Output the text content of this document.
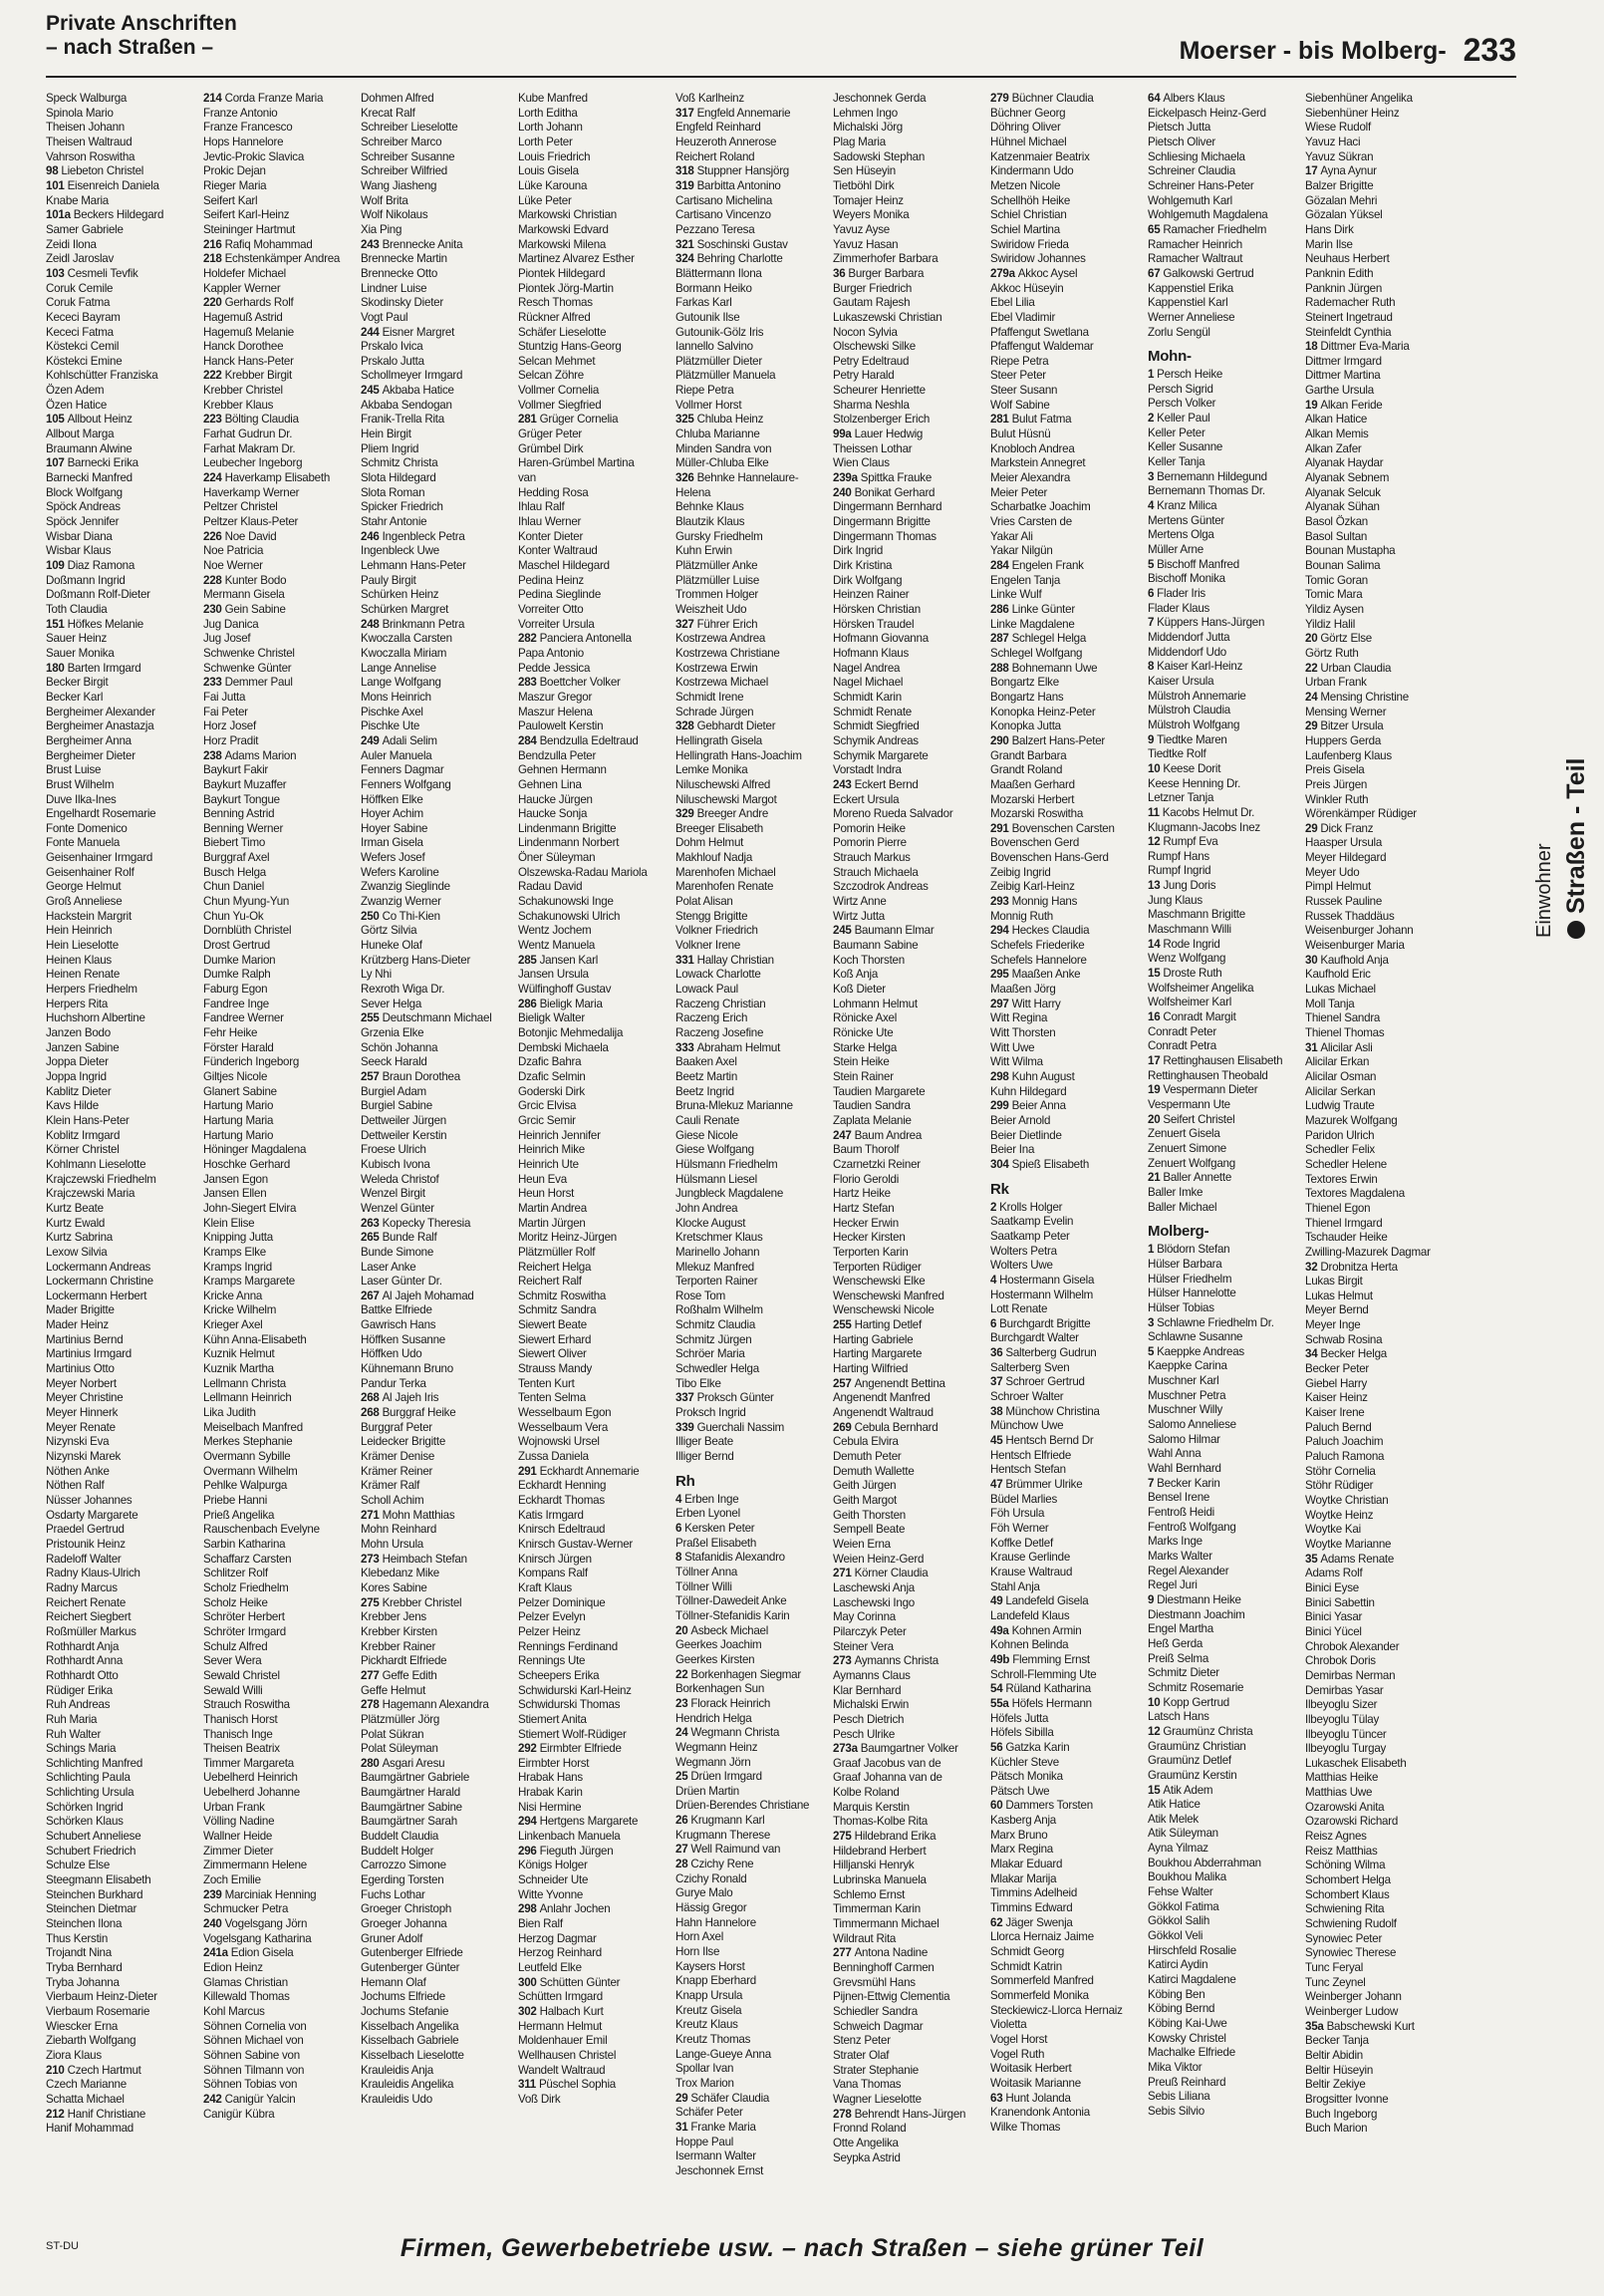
Private Anschriften
– nach Straßen –	Moerser - bis Molberg- 233
Speck Walburga
Spinola Mario
Theisen Johann
Theisen Waltraud
Vahrson Roswitha
98 Liebeton Christel
101 Eisenreich Daniela
Knabe Maria
101a Beckers Hildegard
Samer Gabriele
Zeidi Ilona
Zeidl Jaroslav
103 Cesmeli Tevfik
Coruk Cemile
Coruk Fatma
Kececi Bayram
Kececi Fatma
Köstekci Cemil
Köstekci Emine
Kohlschütter Franziska
Özen Adem
Özen Hatice
105 Allbout Heinz
Allbout Marga
Braumann Alwine
107 Barnecki Erika
Barnecki Manfred
Block Wolfgang
Spöck Andreas
Spöck Jennifer
Wisbar Diana
Wisbar Klaus
109 Diaz Ramona
Doßmann Ingrid
Doßmann Rolf-Dieter
Toth Claudia
151 Höfkes Melanie
Sauer Heinz
Sauer Monika
180 Barten Irmgard
Becker Birgit
Becker Karl
Bergheimer Alexander
Bergheimer Anastazja
Bergheimer Anna
Bergheimer Dieter
Brust Luise
Brust Wilhelm
Duve Ilka-Ines
Engelhardt Rosemarie
Fonte Domenico
Fonte Manuela
Geisenhainer Irmgard
Geisenhainer Rolf
George Helmut
Groß Anneliese
Hackstein Margrit
Hein Heinrich
Hein Lieselotte
Heinen Klaus
Heinen Renate
Herpers Friedhelm
Herpers Rita
Huchshorn Albertine
Janzen Bodo
Janzen Sabine
Joppa Dieter
Joppa Ingrid
Kablitz Dieter
Kavs Hilde
Klein Hans-Peter
Koblitz Irmgard
Körner Christel
Kohlmann Lieselotte
Krajczewski Friedhelm
Krajczewski Maria
Kurtz Beate
Kurtz Ewald
Kurtz Sabrina
Lexow Silvia
Lockermann Andreas
Lockermann Christine
Lockermann Herbert
Mader Brigitte
Mader Heinz
Martinius Bernd
Martinius Irmgard
Martinius Otto
Meyer Norbert
Meyer Christine
Meyer Hinnerk
Meyer Renate
Nizynski Eva
Nizynski Marek
Nöthen Anke
Nöthen Ralf
Nüsser Johannes
Osdarty Margarete
Praedel Gertrud
Pristounik Heinz
Radeloff Walter
Radny Klaus-Ulrich
Radny Marcus
Reichert Renate
Reichert Siegbert
Roßmüller Markus
Rothhardt Anja
Rothhardt Anna
Rothhardt Otto
Rüdiger Erika
Ruh Andreas
Ruh Maria
Ruh Walter
Schings Maria
Schlichting Manfred
Schlichting Paula
Schlichting Ursula
Schörken Ingrid
Schörken Klaus
Schubert Anneliese
Schubert Friedrich
Schulze Else
Steegmann Elisabeth
Steinchen Burkhard
Steinchen Dietmar
Steinchen Ilona
Thus Kerstin
Trojandt Nina
Tryba Bernhard
Tryba Johanna
Vierbaum Heinz-Dieter
Vierbaum Rosemarie
Wiescker Erna
Ziebarth Wolfgang
Ziora Klaus
210 Czech Hartmut
Czech Marianne
Schatta Michael
212 Hanif Christiane
Hanif Mohammad
214 Corda Franze Maria
Franze Antonio
Franze Francesco
Hops Hannelore
Jevtic-Prokic Slavica
Prokic Dejan
Rieger Maria
Seifert Karl
Seifert Karl-Heinz
Steininger Hartmut
216 Rafiq Mohammad
218 Echstenkämper Andrea
Holdefer Michael
Kappler Werner
220 Gerhards Rolf
Hagemuß Astrid
Hagemuß Melanie
Hanck Dorothee
Hanck Hans-Peter
222 Krebber Birgit
Krebber Christel
Krebber Klaus
223 Bölting Claudia
Farhat Gudrun Dr.
Farhat Makram Dr.
Leubecher Ingeborg
224 Haverkamp Elisabeth
Haverkamp Werner
Peltzer Christel
Peltzer Klaus-Peter
226 Noe David
Noe Patricia
Noe Werner
228 Kunter Bodo
Mermann Gisela
230 Gein Sabine
Jug Danica
Jug Josef
Schwenke Christel
Schwenke Günter
233 Demmer Paul
Fai Jutta
Fai Peter
Horz Josef
Horz Pradit
238 Adams Marion
Baykurt Fakir
Baykurt Muzaffer
Baykurt Tongue
Benning Astrid
Benning Werner
Biebert Timo
Burggraf Axel
Busch Helga
Chun Daniel
Chun Myung-Yun
Chun Yu-Ok
Dornblüth Christel
Drost Gertrud
Dumke Marion
Dumke Ralph
Faburg Egon
Fandree Inge
Fandree Werner
Fehr Heike
Förster Harald
Fünderich Ingeborg
Giltjes Nicole
Glanert Sabine
Hartung Mario
Hartung Maria
Hartung Mario
Höninger Magdalena
Hoschke Gerhard
Jansen Egon
Jansen Ellen
John-Siegert Elvira
Klein Elise
Knipping Jutta
Kramps Elke
Kramps Ingrid
Kramps Margarete
Kricke Anna
Kricke Wilhelm
Krieger Axel
Kühn Anna-Elisabeth
Kuznik Helmut
Kuznik Martha
Lellmann Christa
Lellmann Heinrich
Lika Judith
Meiselbach Manfred
Merkes Stephanie
Overmann Sybille
Overmann Wilhelm
Pehlke Walpurga
Priebe Hanni
Prieß Angelika
Rauschenbach Evelyne
Sarbin Katharina
Schaffarz Carsten
Schlitzer Rolf
Scholz Friedhelm
Scholz Heike
Schröter Herbert
Schröter Irmgard
Schulz Alfred
Sever Wera
Sewald Christel
Sewald Willi
Strauch Roswitha
Thanisch Horst
Thanisch Inge
Theisen Beatrix
Timmer Margareta
Uebelherd Heinrich
Uebelherd Johanne
Urban Frank
Völling Nadine
Wallner Heide
Zimmer Dieter
Zimmermann Helene
Zoch Emilie
239 Marciniak Henning
Schmucker Petra
240 Vogelsgang Jörn
Vogelsgang Katharina
241a Edion Gisela
Edion Heinz
Glamas Christian
Killewald Thomas
Kohl Marcus
Söhnen Cornelia von
Söhnen Michael von
Söhnen Sabine von
Söhnen Tilmann von
Söhnen Tobias von
242 Canigür Yalcin
Canigür Kübra
Dohmen Alfred
Krecat Ralf
Schreiber Lieselotte
Schreiber Marco
Schreiber Susanne
Schreiber Wilfried
Wang Jiasheng
Wolf Brita
Wolf Nikolaus
Xia Ping
243 Brennecke Anita
Brennecke Martin
Brennecke Otto
Lindner Luise
Skodinsky Dieter
Vogt Paul
244 Eisner Margret
Prskalo Ivica
Prskalo Jutta
Schollmeyer Irmgard
245 Akbaba Hatice
Akbaba Sendogan
Franik-Trella Rita
Hein Birgit
Pliem Ingrid
Schmitz Christa
Slota Hildegard
Slota Roman
Spicker Friedrich
Stahr Antonie
246 Ingenbleck Petra
Ingenbleck Uwe
Lehmann Hans-Peter
Pauly Birgit
Schürken Heinz
Schürken Margret
248 Brinkmann Petra
Kwoczalla Carsten
Kwoczalla Miriam
Lange Annelise
Lange Wolfgang
Mons Heinrich
Pischke Axel
Pischke Ute
249 Adali Selim
Auler Manuela
Fenners Dagmar
Fenners Wolfgang
Höffken Elke
Hoyer Achim
Hoyer Sabine
Irman Gisela
Wefers Josef
Wefers Karoline
Zwanzig Sieglinde
Zwanzig Werner
250 Co Thi-Kien
Görtz Silvia
Huneke Olaf
Krützberg Hans-Dieter
Ly Nhi
Rexroth Wiga Dr.
Sever Helga
255 Deutschmann Michael
Grzenia Elke
Schön Johanna
Seeck Harald
257 Braun Dorothea
Burgiel Adam
Burgiel Sabine
Dettweiler Jürgen
Dettweiler Kerstin
Froese Ulrich
Kubisch Ivona
Weleda Christof
Wenzel Birgit
Wenzel Günter
263 Kopecky Theresia
265 Bunde Ralf
Bunde Simone
Laser Anke
Laser Günter Dr.
267 Al Jajeh Mohamad
Battke Elfriede
Gawrisch Hans
Höffken Susanne
Höffken Udo
Kühnemann Bruno
Pandur Terka
268 Al Jajeh Iris
268 Burggraf Heike
Burggraf Peter
Leidecker Brigitte
Krämer Denise
Krämer Reiner
Krämer Ralf
Scholl Achim
271 Mohn Matthias
Mohn Reinhard
Mohn Ursula
273 Heimbach Stefan
Klebedanz Mike
Kores Sabine
275 Krebber Christel
Krebber Jens
Krebber Kirsten
Krebber Rainer
Pickhardt Elfriede
277 Geffe Edith
Geffe Helmut
278 Hagemann Alexandra
Plätzmüller Jörg
Polat Sükran
Polat Süleyman
280 Asgari Aresu
Baumgärtner Gabriele
Baumgärtner Harald
Baumgärtner Sabine
Baumgärtner Sarah
Buddelt Claudia
Buddelt Holger
Carrozzo Simone
Egerding Torsten
Fuchs Lothar
Groeger Christoph
Groeger Johanna
Gruner Adolf
Gutenberger Elfriede
Gutenberger Günter
Hemann Olaf
Jochums Elfriede
Jochums Stefanie
Kisselbach Angelika
Kisselbach Gabriele
Kisselbach Lieselotte
Krauleidis Anja
Krauleidis Angelika
Krauleidis Udo
Kube Manfred
Lorth Editha
Lorth Johann
Lorth Peter
Louis Friedrich
Louis Gisela
Lüke Karouna
Lüke Peter
Markowski Christian
Markowski Edvard
Markowski Milena
Martinez Alvarez Esther
Piontek Hildegard
Piontek Jörg-Martin
Resch Thomas
Rückner Alfred
Schäfer Lieselotte
Stuntzig Hans-Georg
Selcan Mehmet
Selcan Zöhre
Vollmer Cornelia
Vollmer Siegfried
281 Grüger Cornelia
Grüger Peter
Grümbel Dirk
Haren-Grümbel Martina
van
Hedding Rosa
Ihlau Ralf
Ihlau Werner
Konter Dieter
Konter Waltraud
Maschel Hildegard
Pedina Heinz
Pedina Sieglinde
Vorreiter Otto
Vorreiter Ursula
282 Panciera Antonella
Papa Antonio
Pedde Jessica
283 Boettcher Volker
Maszur Gregor
Maszur Helena
Paulowelt Kerstin
284 Bendzulla Edeltraud
Bendzulla Peter
Gehnen Hermann
Gehnen Lina
Haucke Jürgen
Haucke Sonja
Lindenmann Brigitte
Lindenmann Norbert
Öner Süleyman
Olszewska-Radau Mariola
Radau David
Schakunowski Inge
Schakunowski Ulrich
Wentz Jochem
Wentz Manuela
285 Jansen Karl
Jansen Ursula
Wülfinghoff Gustav
286 Bieligk Maria
Bieligk Walter
Botonjic Mehmedalija
Dembski Michaela
Dzafic Bahra
Dzafic Selmin
Goderski Dirk
Grcic Elvisa
Grcic Semir
Heinrich Jennifer
Heinrich Mike
Heinrich Ute
Heun Eva
Heun Horst
Martin Andrea
Martin Jürgen
Moritz Heinz-Jürgen
Plätzmüller Rolf
Reichert Helga
Reichert Ralf
Schmitz Roswitha
Schmitz Sandra
Siewert Beate
Siewert Erhard
Siewert Oliver
Strauss Mandy
Tenten Kurt
Tenten Selma
Wesselbaum Egon
Wesselbaum Vera
Wojnowski Ursel
Zussa Daniela
291 Eckhardt Annemarie
Eckhardt Henning
Eckhardt Thomas
Katis Irmgard
Knirsch Edeltraud
Knirsch Gustav-Werner
Knirsch Jürgen
Kompans Ralf
Kraft Klaus
Pelzer Dominique
Pelzer Evelyn
Pelzer Heinz
Rennings Ferdinand
Rennings Ute
Scheepers Erika
Schwidurski Karl-Heinz
Schwidurski Thomas
Stiemert Anita
Stiemert Wolf-Rüdiger
292 Eirmbter Elfriede
Eirmbter Horst
Hrabak Hans
Hrabak Karin
Nisi Hermine
294 Hertgens Margarete
Linkenbach Manuela
296 Fieguth Jürgen
Königs Holger
Schneider Ute
Witte Yvonne
298 Anlahr Jochen
Bien Ralf
Herzog Dagmar
Herzog Reinhard
Leutfeld Elke
300 Schütten Günter
Schütten Irmgard
302 Halbach Kurt
Hermann Helmut
Moldenhauer Emil
Wellhausen Christel
Wandelt Waltraud
311 Püschel Sophia
Voß Dirk
Voß Karlheinz
317 Engfeld Annemarie
Engfeld Reinhard
Heuzeroth Annerose
Reichert Roland
318 Stuppner Hansjörg
319 Barbitta Antonino
Cartisano Michelina
Cartisano Vincenzo
Pezzano Teresa
321 Soschinski Gustav
324 Behring Charlotte
Blättermann Ilona
Bormann Heiko
Farkas Karl
Gutounik Ilse
Gutounik-Gölz Iris
Iannello Salvino
Plätzmüller Dieter
Plätzmüller Manuela
Riepe Petra
Vollmer Horst
325 Chluba Heinz
Chluba Marianne
Minden Sandra von
Müller-Chluba Elke
326 Behnke Hannelaure-
Helena
Behnke Klaus
Blautzik Klaus
Gursky Friedhelm
Kuhn Erwin
Plätzmüller Anke
Plätzmüller Luise
Trommen Holger
Weiszheit Udo
327 Führer Erich
Kostrzewa Andrea
Kostrzewa Christiane
Kostrzewa Erwin
Kostrzewa Michael
Schmidt Irene
Schrade Jürgen
328 Gebhardt Dieter
Hellingrath Gisela
Hellingrath Hans-Joachim
Lemke Monika
Niluschewski Alfred
Niluschewski Margot
329 Breeger Andre
Breeger Elisabeth
Dohm Helmut
Makhlouf Nadja
Marenhofen Michael
Marenhofen Renate
Polat Alisan
Stengg Brigitte
Volkner Friedrich
Volkner Irene
331 Hallay Christian
Lowack Charlotte
Lowack Paul
Raczeng Christian
Raczeng Erich
Raczeng Josefine
333 Abraham Helmut
Baaken Axel
Beetz Martin
Beetz Ingrid
Bruna-Mlekuz Marianne
Cauli Renate
Giese Nicole
Giese Wolfgang
Hülsmann Friedhelm
Hülsmann Liesel
Jungbleck Magdalene
John Andrea
Klocke August
Kretschmer Klaus
Marinello Johann
Mlekuz Manfred
Terporten Rainer
Rose Tom
Roßhalm Wilhelm
Schmitz Claudia
Schmitz Jürgen
Schröer Maria
Schwedler Helga
Tibo Elke
337 Proksch Günter
Proksch Ingrid
339 Guerchali Nassim
Illiger Beate
Illiger Bernd
Rh
4 Erben Inge
Erben Lyonel
6 Kersken Peter
Praßel Elisabeth
8 Stafanidis Alexandro
Töllner Anna
Töllner Willi
Töllner-Dawedeit Anke
Töllner-Stefanidis Karin
20 Asbeck Michael
Geerkes Joachim
Geerkes Kirsten
22 Borkenhagen Siegmar
Borkenhagen Sun
23 Florack Heinrich
Hendrich Helga
24 Wegmann Christa
Wegmann Heinz
Wegmann Jörn
25 Drüen Irmgard
Drüen Martin
Drüen-Berendes Christiane
26 Krugmann Karl
Krugmann Therese
27 Well Raimund van
28 Czichy Rene
Czichy Ronald
Gurye Malo
Hässig Gregor
Hahn Hannelore
Horn Axel
Horn Ilse
Kaysers Horst
Knapp Eberhard
Knapp Ursula
Kreutz Gisela
Kreutz Klaus
Kreutz Thomas
Lange-Gueye Anna
Spollar Ivan
Trox Marion
29 Schäfer Claudia
Schäfer Peter
31 Franke Maria
Hoppe Paul
Isermann Walter
Jeschonnek Ernst
Jeschonnek Gerda
Lehmen Ingo
Michalski Jörg
Plag Maria
Sadowski Stephan
Sen Hüseyin
Tietböhl Dirk
Tomajer Heinz
Weyers Monika
Yavuz Ayse
Yavuz Hasan
Zimmerhofer Barbara
36 Burger Barbara
Burger Friedrich
Gautam Rajesh
Lukaszewski Christian
Nocon Sylvia
Olschewski Silke
Petry Edeltraud
Petry Harald
Scheurer Henriette
Sharma Neshla
Stolzenberger Erich
99a Lauer Hedwig
Theissen Lothar
Wien Claus
239a Spittka Frauke
240 Bonikat Gerhard
Dingermann Bernhard
Dingermann Brigitte
Dingermann Thomas
Dirk Ingrid
Dirk Kristina
Dirk Wolfgang
Heinzen Rainer
Hörsken Christian
Hörsken Traudel
Hofmann Giovanna
Hofmann Klaus
Nagel Andrea
Nagel Michael
Schmidt Karin
Schmidt Renate
Schmidt Siegfried
Schymik Andreas
Schymik Margarete
Vorstadt Indra
243 Eckert Bernd
Eckert Ursula
Moreno Rueda Salvador
Pomorin Heike
Pomorin Pierre
Strauch Markus
Strauch Michaela
Szczodrok Andreas
Wirtz Anne
Wirtz Jutta
245 Baumann Elmar
Baumann Sabine
Koch Thorsten
Koß Anja
Koß Dieter
Lohmann Helmut
Rönicke Axel
Rönicke Ute
Starke Helga
Stein Heike
Stein Rainer
Taudien Margarete
Taudien Sandra
Zaplata Melanie
247 Baum Andrea
Baum Thorolf
Czarnetzki Reiner
Florio Geroldi
Hartz Heike
Hartz Stefan
Hecker Erwin
Hecker Kirsten
Terporten Karin
Terporten Rüdiger
Wenschewski Elke
Wenschewski Manfred
Wenschewski Nicole
255 Harting Detlef
Harting Gabriele
Harting Margarete
Harting Wilfried
257 Angenendt Bettina
Angenendt Manfred
Angenendt Waltraud
269 Cebula Bernhard
Cebula Elvira
Demuth Peter
Demuth Wallette
Geith Jürgen
Geith Margot
Geith Thorsten
Sempell Beate
Weien Erna
Weien Heinz-Gerd
271 Körner Claudia
Laschewski Anja
Laschewski Ingo
May Corinna
Pilarczyk Peter
Steiner Vera
273 Aymanns Christa
Aymanns Claus
Klar Bernhard
Michalski Erwin
Pesch Dietrich
Pesch Ulrike
273a Baumgartner Volker
Graaf Jacobus van de
Graaf Johanna van de
Kolbe Roland
Marquis Kerstin
Thomas-Kolbe Rita
275 Hildebrand Erika
Hildebrand Herbert
Hilljanski Henryk
Lubrinska Manuela
Schlemo Ernst
Timmerman Karin
Timmermann Michael
Wildraut Rita
277 Antona Nadine
Benninghoff Carmen
Grevsmühl Hans
Pijnen-Ettwig Clementia
Schiedler Sandra
Schweich Dagmar
Stenz Peter
Strater Olaf
Strater Stephanie
Vana Thomas
Wagner Lieselotte
278 Behrendt Hans-Jürgen
Fronnd Roland
Otte Angelika
Seypka Astrid
279 Büchner Claudia
Büchner Georg
Döhring Oliver
Hühnel Michael
Katzenmaier Beatrix
Kindermann Udo
Metzen Nicole
Schellhöh Heike
Schiel Christian
Schiel Martina
Swiridow Frieda
Swiridow Johannes
279a Akkoc Aysel
Akkoc Hüseyin
Ebel Lilia
Ebel Vladimir
Pfaffengut Swetlana
Pfaffengut Waldemar
Riepe Petra
Steer Peter
Steer Susann
Wolf Sabine
281 Bulut Fatma
Bulut Hüsnü
Knobloch Andrea
Markstein Annegret
Meier Alexandra
Meier Peter
Scharbatke Joachim
Vries Carsten de
Yakar Ali
Yakar Nilgün
284 Engelen Frank
Engelen Tanja
Linke Wulf
286 Linke Günter
Linke Magdalene
287 Schlegel Helga
Schlegel Wolfgang
288 Bohnemann Uwe
Bongartz Elke
Bongartz Hans
Konopka Heinz-Peter
Konopka Jutta
290 Balzert Hans-Peter
Grandt Barbara
Grandt Roland
Maaßen Gerhard
Mozarski Herbert
Mozarski Roswitha
291 Bovenschen Carsten
Bovenschen Gerd
Bovenschen Hans-Gerd
Zeibig Ingrid
Zeibig Karl-Heinz
293 Monnig Hans
Monnig Ruth
294 Heckes Claudia
Schefels Friederike
Schefels Hannelore
295 Maaßen Anke
Maaßen Jörg
297 Witt Harry
Witt Regina
Witt Thorsten
Witt Uwe
Witt Wilma
298 Kuhn August
Kuhn Hildegard
299 Beier Anna
Beier Arnold
Beier Dietlinde
Beier Ina
304 Spieß Elisabeth
Rk
2 Krolls Holger
Saatkamp Evelin
Saatkamp Peter
Wolters Petra
Wolters Uwe
4 Hostermann Gisela
Hostermann Wilhelm
Lott Renate
6 Burchgardt Brigitte
Burchgardt Walter
36 Salterberg Gudrun
Salterberg Sven
37 Schroer Gertrud
Schroer Walter
38 Münchow Christina
Münchow Uwe
45 Hentsch Bernd Dr
Hentsch Elfriede
Hentsch Stefan
47 Brümmer Ulrike
Büdel Marlies
Föh Ursula
Föh Werner
Koffke Detlef
Krause Gerlinde
Krause Waltraud
Stahl Anja
49 Landefeld Gisela
Landefeld Klaus
49a Kohnen Armin
Kohnen Belinda
49b Flemming Ernst
Schroll-Flemming Ute
54 Rüland Katharina
55a Höfels Hermann
Höfels Jutta
Höfels Sibilla
56 Gatzka Karin
Küchler Steve
Pätsch Monika
Pätsch Uwe
60 Dammers Torsten
Kasberg Anja
Marx Bruno
Marx Regina
Mlakar Eduard
Mlakar Marija
Timmins Adelheid
Timmins Edward
62 Jäger Swenja
Llorca Hernaiz Jaime
Schmidt Georg
Schmidt Katrin
Sommerfeld Manfred
Sommerfeld Monika
Steckiewicz-Llorca Hernaiz
Violetta
Vogel Horst
Vogel Ruth
Woitasik Herbert
Woitasik Marianne
63 Hunt Jolanda
Kranendonk Antonia
Wilke Thomas
64 Albers Klaus
Eickelpasch Heinz-Gerd
Pietsch Jutta
Pietsch Oliver
Schliesing Michaela
Schreiner Claudia
Schreiner Hans-Peter
Wohlgemuth Karl
Wohlgemuth Magdalena
65 Ramacher Friedhelm
Ramacher Heinrich
Ramacher Waltraut
67 Galkowski Gertrud
Kappenstiel Erika
Kappenstiel Karl
Werner Anneliese
Zorlu Sengül
Mohn-
1 Persch Heike
Persch Sigrid
Persch Volker
2 Keller Paul
Keller Peter
Keller Susanne
Keller Tanja
3 Bernemann Hildegund
Bernemann Thomas Dr.
4 Kranz Milica
Mertens Günter
Mertens Olga
Müller Arne
5 Bischoff Manfred
Bischoff Monika
6 Flader Iris
Flader Klaus
7 Küppers Hans-Jürgen
Middendorf Jutta
Middendorf Udo
8 Kaiser Karl-Heinz
Kaiser Ursula
Mülstroh Annemarie
Mülstroh Claudia
Mülstroh Wolfgang
9 Tiedtke Maren
Tiedtke Rolf
10 Keese Dorit
Keese Henning Dr.
Letzner Tanja
11 Kacobs Helmut Dr.
Klugmann-Jacobs Inez
12 Rumpf Eva
Rumpf Hans
Rumpf Ingrid
13 Jung Doris
Jung Klaus
Maschmann Brigitte
Maschmann Willi
14 Rode Ingrid
Wenz Wolfgang
15 Droste Ruth
Wolfsheimer Angelika
Wolfsheimer Karl
16 Conradt Margit
Conradt Peter
Conradt Petra
17 Rettinghausen Elisabeth
Rettinghausen Theobald
19 Vespermann Dieter
Vespermann Ute
20 Seifert Christel
Zenuert Gisela
Zenuert Simone
Zenuert Wolfgang
21 Baller Annette
Baller Imke
Baller Michael
Molberg-
1 Blödorn Stefan
Hülser Barbara
Hülser Friedhelm
Hülser Hannelotte
Hülser Tobias
3 Schlawne Friedhelm Dr.
Schlawne Susanne
5 Kaeppke Andreas
Kaeppke Carina
Muschner Karl
Muschner Petra
Muschner Willy
Salomo Anneliese
Salomo Hilmar
Wahl Anna
Wahl Bernhard
7 Becker Karin
Bensel Irene
Fentroß Heidi
Fentroß Wolfgang
Marks Inge
Marks Walter
Regel Alexander
Regel Juri
9 Diestmann Heike
Diestmann Joachim
Engel Martha
Heß Gerda
Preiß Selma
Schmitz Dieter
Schmitz Rosemarie
10 Kopp Gertrud
Latsch Hans
12 Graumünz Christa
Graumünz Christian
Graumünz Detlef
Graumünz Kerstin
15 Atik Adem
Atik Hatice
Atik Melek
Atik Süleyman
Ayna Yilmaz
Boukhou Abderrahman
Boukhou Malika
Fehse Walter
Gökkol Fatima
Gökkol Salih
Gökkol Veli
Hirschfeld Rosalie
Katirci Aydin
Katirci Magdalene
Köbing Ben
Köbing Bernd
Köbing Kai-Uwe
Kowsky Christel
Machalke Elfriede
Mika Viktor
Preuß Reinhard
Sebis Liliana
Sebis Silvio
Siebenhüner Angelika
Siebenhüner Heinz
Wiese Rudolf
Yavuz Haci
Yavuz Sükran
17 Ayna Aynur
Balzer Brigitte
Gözalan Mehri
Gözalan Yüksel
Hans Dirk
Marin Ilse
Neuhaus Herbert
Panknin Edith
Panknin Jürgen
Rademacher Ruth
Steinert Ingetraud
Steinfeldt Cynthia
18 Dittmer Eva-Maria
Dittmer Irmgard
Dittmer Martina
Garthe Ursula
19 Alkan Feride
Alkan Hatice
Alkan Memis
Alkan Zafer
Alyanak Haydar
Alyanak Sebnem
Alyanak Selcuk
Alyanak Sühan
Basol Özkan
Basol Sultan
Bounan Mustapha
Bounan Salima
Tomic Goran
Tomic Mara
Yildiz Aysen
Yildiz Halil
20 Görtz Else
Görtz Ruth
22 Urban Claudia
Urban Frank
24 Mensing Christine
Mensing Werner
29 Bitzer Ursula
Huppers Gerda
Laufenberg Klaus
Preis Gisela
Preis Jürgen
Winkler Ruth
Wörenkämper Rüdiger
29 Dick Franz
Haasper Ursula
Meyer Hildegard
Meyer Udo
Pimpl Helmut
Russek Pauline
Russek Thaddäus
Weisenburger Johann
Weisenburger Maria
30 Kaufhold Anja
Kaufhold Eric
Lukas Michael
Moll Tanja
Thienel Sandra
Thienel Thomas
31 Alicilar Asli
Alicilar Erkan
Alicilar Osman
Alicilar Serkan
Ludwig Traute
Mazurek Wolfgang
Paridon Ulrich
Schedler Felix
Schedler Helene
Textores Erwin
Textores Magdalena
Thienel Egon
Thienel Irmgard
Tschauder Heike
Zwilling-Mazurek Dagmar
32 Drobnitza Herta
Lukas Birgit
Lukas Helmut
Meyer Bernd
Meyer Inge
Schwab Rosina
34 Becker Helga
Becker Peter
Giebel Harry
Kaiser Heinz
Kaiser Irene
Paluch Bernd
Paluch Joachim
Paluch Ramona
Stöhr Cornelia
Stöhr Rüdiger
Woytke Christian
Woytke Heinz
Woytke Kai
Woytke Marianne
35 Adams Renate
Adams Rolf
Binici Eyse
Binici Sabettin
Binici Yasar
Binici Yücel
Chrobok Alexander
Chrobok Doris
Demirbas Nerman
Demirbas Yasar
Ilbeyoglu Sizer
Ilbeyoglu Tülay
Ilbeyoglu Tüncer
Ilbeyoglu Turgay
Lukaschek Elisabeth
Matthias Heike
Matthias Uwe
Ozarowski Anita
Ozarowski Richard
Reisz Agnes
Reisz Matthias
Schöning Wilma
Schombert Helga
Schombert Klaus
Schwiening Rita
Schwiening Rudolf
Synowiec Peter
Synowiec Therese
Tunc Feryal
Tunc Zeynel
Weinberger Johann
Weinberger Ludow
35a Babschewski Kurt
Becker Tanja
Beltir Abidin
Beltir Hüseyin
Beltir Zekiye
Brogsitter Ivonne
Buch Ingeborg
Buch Marion
Einwohner Straßen - Teil
ST-DU	Firmen, Gewerbebetriebe usw. – nach Straßen – siehe grüner Teil
